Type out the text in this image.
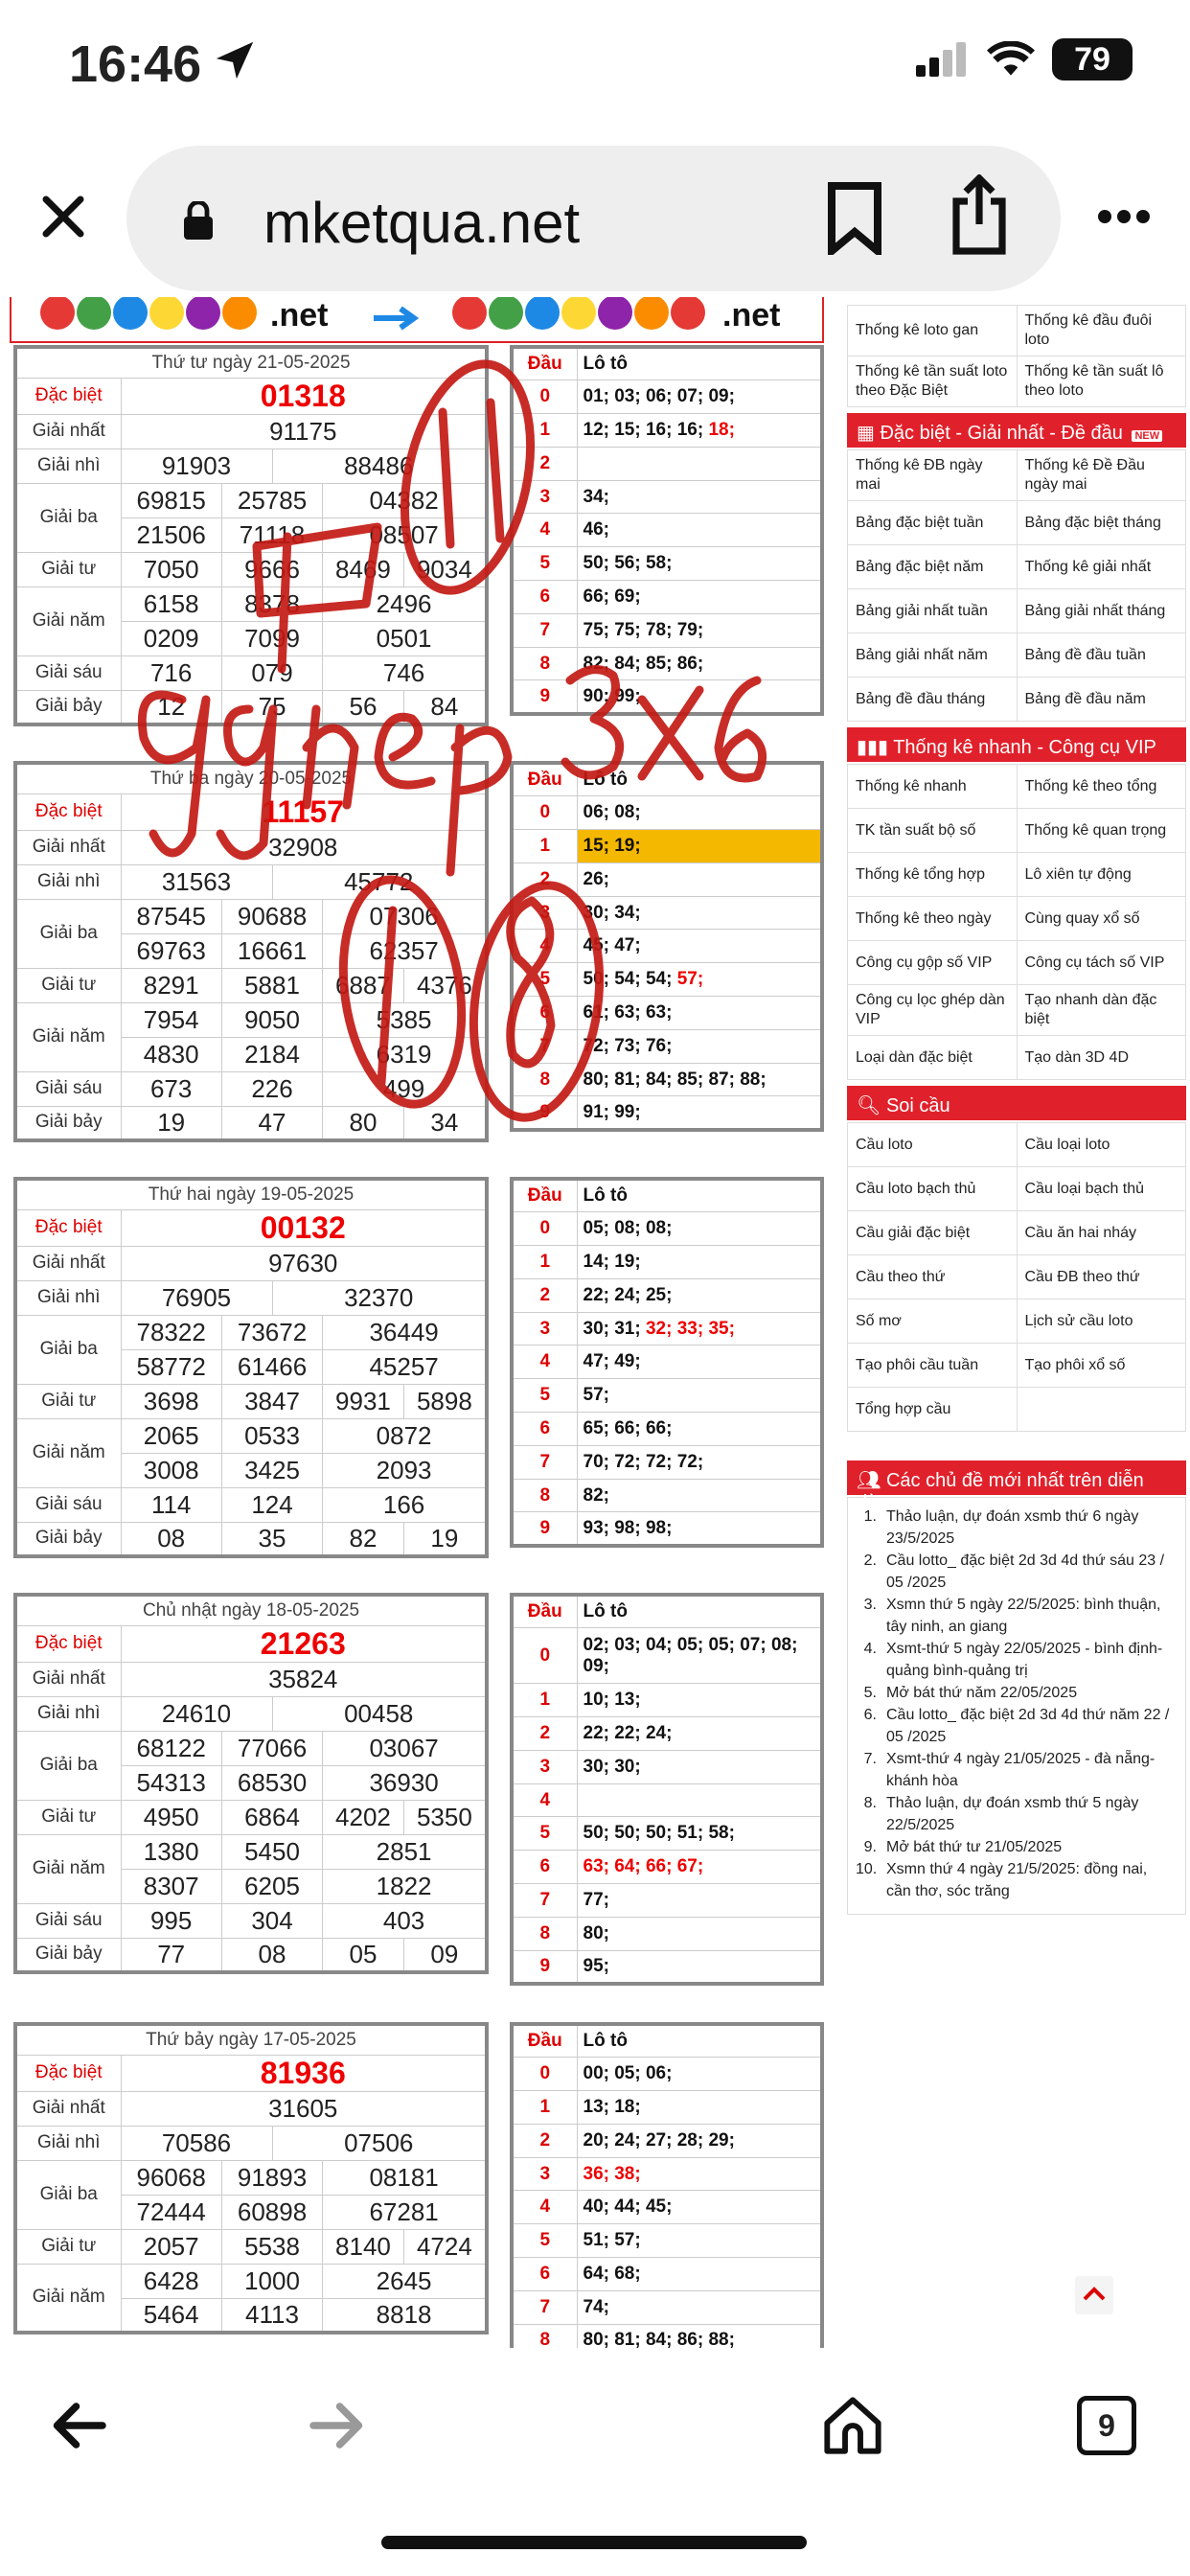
16:46	79
mketqua.net
.net	.net
Thứ tư ngày 21-05-2025					
Đặc biệt	01318				
Giải nhất	91175				
Giải nhì	91903		88486		
Giải ba	69815	25785		04382	
	21506	71118		08507	
Giải tư	7050	9666		8469	9034
Giải năm	6158	8378		2496	
	0209	7099		0501	
Giải sáu	716	079		746	
Giải bảy	12	75		56	84
Đầu	Lô tô
0	01; 03; 06; 07; 09;
1	12; 15; 16; 16; 18;
2	
3	34;
4	46;
5	50; 56; 58;
6	66; 69;
7	75; 75; 78; 79;
8	82; 84; 85; 86;
9	90; 99;
Thứ ba ngày 20-05-2025					
Đặc biệt	11157				
Giải nhất	32908				
Giải nhì	31563		45772		
Giải ba	87545	90688		07306	
	69763	16661		62357	
Giải tư	8291	5881		6887	4376
Giải năm	7954	9050		5385	
	4830	2184		6319	
Giải sáu	673	226		499	
Giải bảy	19	47		80	34
Đầu	Lô tô
0	06; 08;
1	15; 19;
2	26;
3	30; 34;
4	45; 47;
5	50; 54; 54; 57;
6	61; 63; 63;
7	72; 73; 76;
8	80; 81; 84; 85; 87; 88;
9	91; 99;
Thứ hai ngày 19-05-2025					
Đặc biệt	00132				
Giải nhất	97630				
Giải nhì	76905		32370		
Giải ba	78322	73672		36449	
	58772	61466		45257	
Giải tư	3698	3847		9931	5898
Giải năm	2065	0533		0872	
	3008	3425		2093	
Giải sáu	114	124		166	
Giải bảy	08	35		82	19
Đầu	Lô tô
0	05; 08; 08;
1	14; 19;
2	22; 24; 25;
3	30; 31; 32; 33; 35;
4	47; 49;
5	57;
6	65; 66; 66;
7	70; 72; 72; 72;
8	82;
9	93; 98; 98;
Chủ nhật ngày 18-05-2025					
Đặc biệt	21263				
Giải nhất	35824				
Giải nhì	24610		00458		
Giải ba	68122	77066		03067	
	54313	68530		36930	
Giải tư	4950	6864		4202	5350
Giải năm	1380	5450		2851	
	8307	6205		1822	
Giải sáu	995	304		403	
Giải bảy	77	08		05	09
Đầu	Lô tô
0	02; 03; 04; 05; 05; 07; 08; 09;
1	10; 13;
2	22; 22; 24;
3	30; 30;
4	
5	50; 50; 50; 51; 58;
6	63; 64; 66; 67;
7	77;
8	80;
9	95;
Thứ bảy ngày 17-05-2025					
Đặc biệt	81936				
Giải nhất	31605				
Giải nhì	70586		07506		
Giải ba	96068	91893		08181	
	72444	60898		67281	
Giải tư	2057	5538		8140	4724
Giải năm	6428	1000		2645	
	5464	4113		8818	
Đầu	Lô tô
0	00; 05; 06;
1	13; 18;
2	20; 24; 27; 28; 29;
3	36; 38;
4	40; 44; 45;
5	51; 57;
6	64; 68;
7	74;
8	80; 81; 84; 86; 88;
Thống kê loto gan	Thống kê đầu đuôi loto
Thống kê tần suất loto theo Đặc Biệt	Thống kê tần suất lô theo loto
▦ Đặc biệt - Giải nhất - Đề đầu NEW
Thống kê ĐB ngày mai	Thống kê Đề Đầu ngày mai
Bảng đặc biệt tuần	Bảng đặc biệt tháng
Bảng đặc biệt năm	Thống kê giải nhất
Bảng giải nhất tuần	Bảng giải nhất tháng
Bảng giải nhất năm	Bảng đề đầu tuần
Bảng đề đầu tháng	Bảng đề đầu năm
▮▮▮ Thống kê nhanh - Công cụ VIP
Thống kê nhanh	Thống kê theo tổng
TK tần suất bộ số	Thống kê quan trọng
Thống kê tổng hợp	Lô xiên tự động
Thống kê theo ngày	Cùng quay xổ số
Công cụ gộp số VIP	Công cụ tách số VIP
Công cụ lọc ghép dàn VIP	Tạo nhanh dàn đặc biệt
Loại dàn đặc biệt	Tạo dàn 3D 4D
🔍︎ Soi cầu
Cầu loto	Cầu loại loto
Cầu loto bạch thủ	Cầu loại bạch thủ
Cầu giải đặc biệt	Cầu ăn hai nháy
Cầu theo thứ	Cầu ĐB theo thứ
Số mơ	Lịch sử cầu loto
Tạo phôi cầu tuần	Tạo phôi xổ số
Tổng hợp cầu	
👥︎ Các chủ đề mới nhất trên diễn đàn
1. Thảo luận, dự đoán xsmb thứ 6 ngày 23/5/2025
2. Cầu lotto_ đặc biệt 2d 3d 4d thứ sáu 23 / 05 /2025
3. Xsmn thứ 5 ngày 22/5/2025: bình thuận, tây ninh, an giang
4. Xsmt-thứ 5 ngày 22/05/2025 - bình định-quảng bình-quảng trị
5. Mở bát thứ năm 22/05/2025
6. Cầu lotto_ đặc biệt 2d 3d 4d thứ năm 22 / 05 /2025
7. Xsmt-thứ 4 ngày 21/05/2025 - đà nẵng-khánh hòa
8. Thảo luận, dự đoán xsmb thứ 5 ngày 22/5/2025
9. Mở bát thứ tư 21/05/2025
10. Xsmn thứ 4 ngày 21/5/2025: đồng nai, cần thơ, sóc trăng
9
